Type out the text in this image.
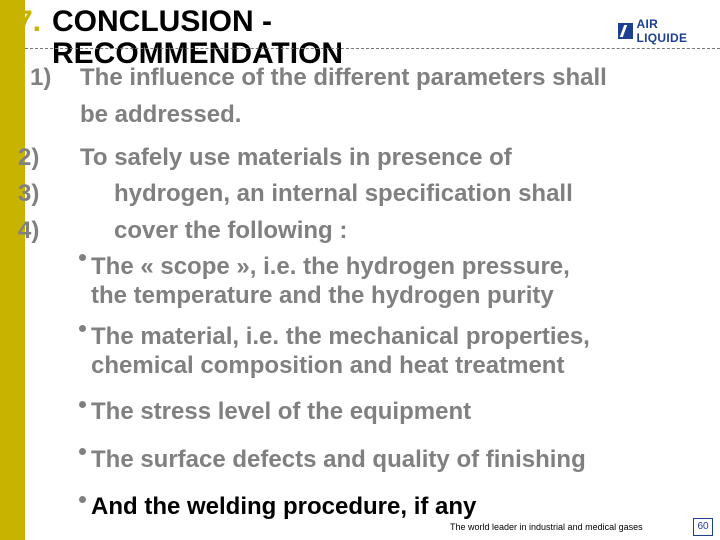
7. CONCLUSION - RECOMMENDATION
AIR LIQUIDE
1) The influence of the different parameters shall
be addressed.
2)
3)
4)
To safely use materials in presence of
hydrogen, an internal specification shall
cover the following :
The « scope », i.e. the hydrogen pressure,
the temperature and the hydrogen purity
The material, i.e. the mechanical properties,
chemical composition and heat treatment
The stress level of the equipment
The surface defects and quality of finishing
And the welding procedure, if any
The world leader in industrial and medical gases	60
